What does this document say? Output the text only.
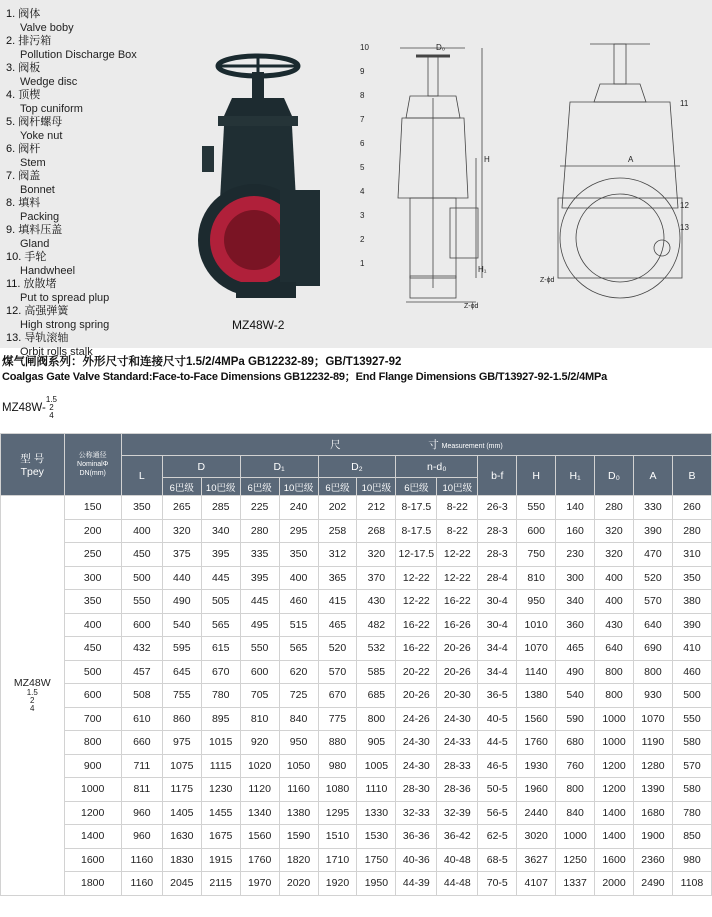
1. 阀体
Valve boby
2. 排污箱
Pollution Discharge Box
3. 阀板
Wedge disc
4. 顶楔
Top cuniform
5. 阀杆螺母
Yoke nut
6. 阀杆
Stem
7. 阀盖
Bonnet
8. 填料
Packing
9. 填料压盖
Gland
10. 手轮
Handwheel
11. 放散堵
Put to spread plup
12. 高强弹簧
High strong spring
13. 导轨滚轴
Orbit rolls stalk
MZ48W-2
10
9
8
7
6
5
4
3
2
1
D₀
H
H₁
Z-ϕd
11
12
13
A
Z-ϕd
煤气闸阀系列：外形尺寸和连接尺寸1.5/2/4MPa GB12232-89；GB/T13927-92
Coalgas Gate Valve Standard:Face-to-Face Dimensions GB12232-89；End Flange Dimensions GB/T13927-92-1.5/2/4MPa
MZ48W-1.5
2
4
型 号
Tpey	公称通径
NominalΦ
DN(mm)	尺 寸 Measurement (mm)														
		L	D		D₁		D₂		n-d₀		b-f	H	H₁	D₀	A	B
			6巴级	10巴级	6巴级	10巴级	6巴级	10巴级	6巴级	10巴级						
MZ48W
1.5
2
4	150	350	265	285	225	240	202	212	8-17.5	8-22	26-3	550	140	280	330	260
	200	400	320	340	280	295	258	268	8-17.5	8-22	28-3	600	160	320	390	280
	250	450	375	395	335	350	312	320	12-17.5	12-22	28-3	750	230	320	470	310
	300	500	440	445	395	400	365	370	12-22	12-22	28-4	810	300	400	520	350
	350	550	490	505	445	460	415	430	12-22	16-22	30-4	950	340	400	570	380
	400	600	540	565	495	515	465	482	16-22	16-26	30-4	1010	360	430	640	390
	450	432	595	615	550	565	520	532	16-22	20-26	34-4	1070	465	640	690	410
	500	457	645	670	600	620	570	585	20-22	20-26	34-4	1140	490	800	800	460
	600	508	755	780	705	725	670	685	20-26	20-30	36-5	1380	540	800	930	500
	700	610	860	895	810	840	775	800	24-26	24-30	40-5	1560	590	1000	1070	550
	800	660	975	1015	920	950	880	905	24-30	24-33	44-5	1760	680	1000	1190	580
	900	711	1075	1115	1020	1050	980	1005	24-30	28-33	46-5	1930	760	1200	1280	570
	1000	811	1175	1230	1120	1160	1080	1110	28-30	28-36	50-5	1960	800	1200	1390	580
	1200	960	1405	1455	1340	1380	1295	1330	32-33	32-39	56-5	2440	840	1400	1680	780
	1400	960	1630	1675	1560	1590	1510	1530	36-36	36-42	62-5	3020	1000	1400	1900	850
	1600	1160	1830	1915	1760	1820	1710	1750	40-36	40-48	68-5	3627	1250	1600	2360	980
	1800	1160	2045	2115	1970	2020	1920	1950	44-39	44-48	70-5	4107	1337	2000	2490	1108
